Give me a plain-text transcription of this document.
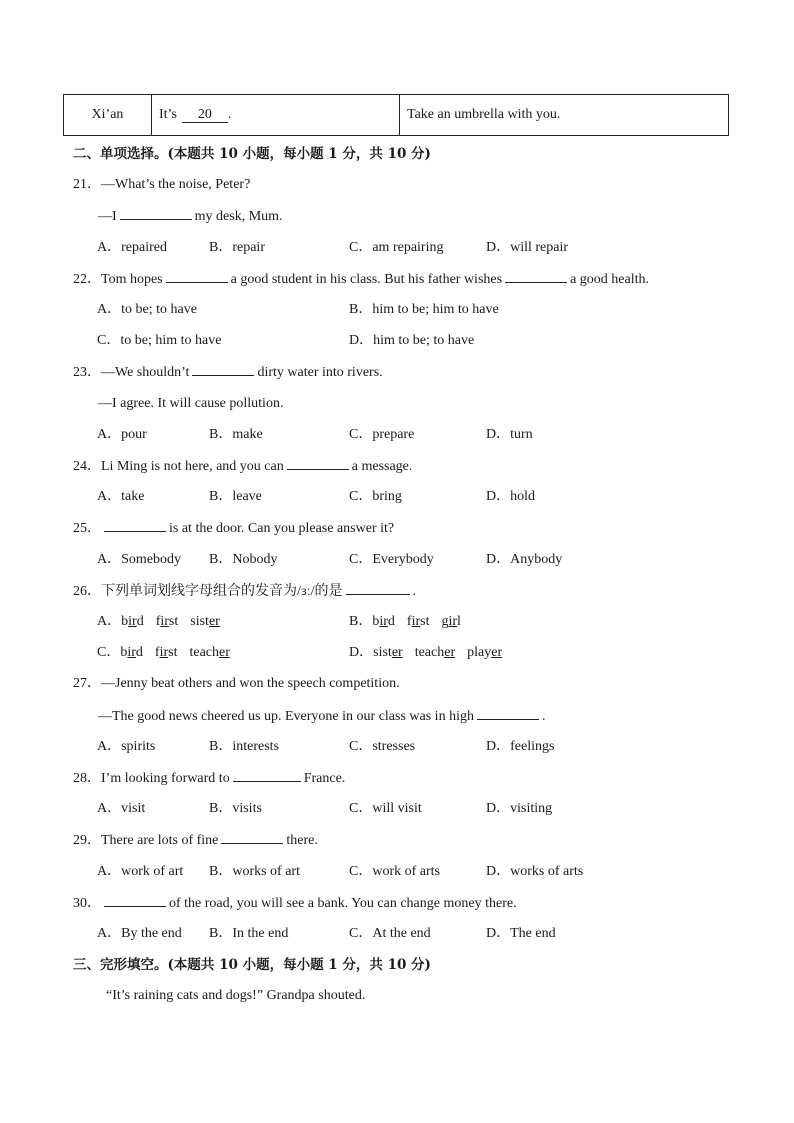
Xi’an	It’s	20	.	Take an umbrella with you.
二、单项选择。(本题共 10 小题，每小题 1 分，共 10 分)
21．—What’s the noise, Peter?
—I	my desk, Mum.
A．repaired	B．repair	C．am repairing	D．will repair
22．Tom hopes	a good student in his class. But his father wishes	a good health.
A．to be; to have	B．him to be; him to have
C．to be; him to have	D．him to be; to have
23．—We shouldn’t	dirty water into rivers.
—I agree. It will cause pollution.
A．pour	B．make	C．prepare	D．turn
24．Li Ming is not here, and you can	a message.
A．take	B．leave	C．bring	D．hold
25．	is at the door. Can you please answer it?
A．Somebody B．Nobody	C．Everybody	D．Anybody
26．下列单词划线字母组合的发音为/ɜː/的是	.
A．bird first sister	B．bird first girl
C．bird first teacher	D．sister teacher player
27．—Jenny beat others and won the speech competition.
—The good news cheered us up. Everyone in our class was in high	.
A．spirits	B．interests	C．stresses	D．feelings
28．I’m looking forward to	France.
A．visit	B．visits	C．will visit	D．visiting
29．There are lots of fine	there.
A．work of art B．works of art	C．work of arts	D．works of arts
30．	of the road, you will see a bank. You can change money there.
A．By the end B．In the end	C．At the end	D．The end
三、完形填空。(本题共 10 小题，每小题 1 分，共 10 分)
“It’s raining cats and dogs!” Grandpa shouted.
